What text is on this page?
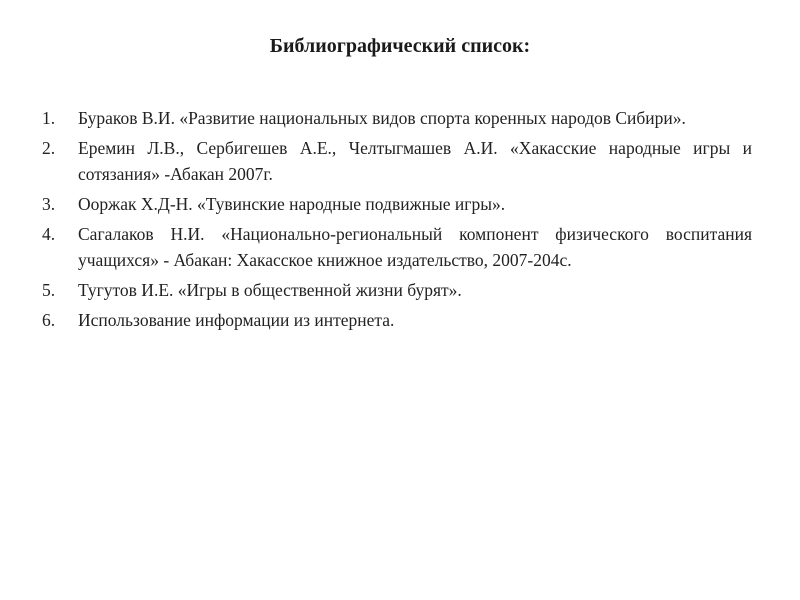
Библиографический список:
1.	Бураков В.И. «Развитие национальных видов спорта коренных народов Сибири».
2.	Еремин Л.В., Сербигешев А.Е., Челтыгмашев А.И. «Хакасские народные игры и сотязания» -Абакан 2007г.
3.	Ооржак Х.Д-Н. «Тувинские народные подвижные игры».
4.	Сагалаков Н.И. «Национально-региональный компонент физического воспитания учащихся» - Абакан: Хакасское книжное издательство, 2007-204с.
5.	Тугутов И.Е. «Игры в общественной жизни бурят».
6.	Использование информации из интернета.
